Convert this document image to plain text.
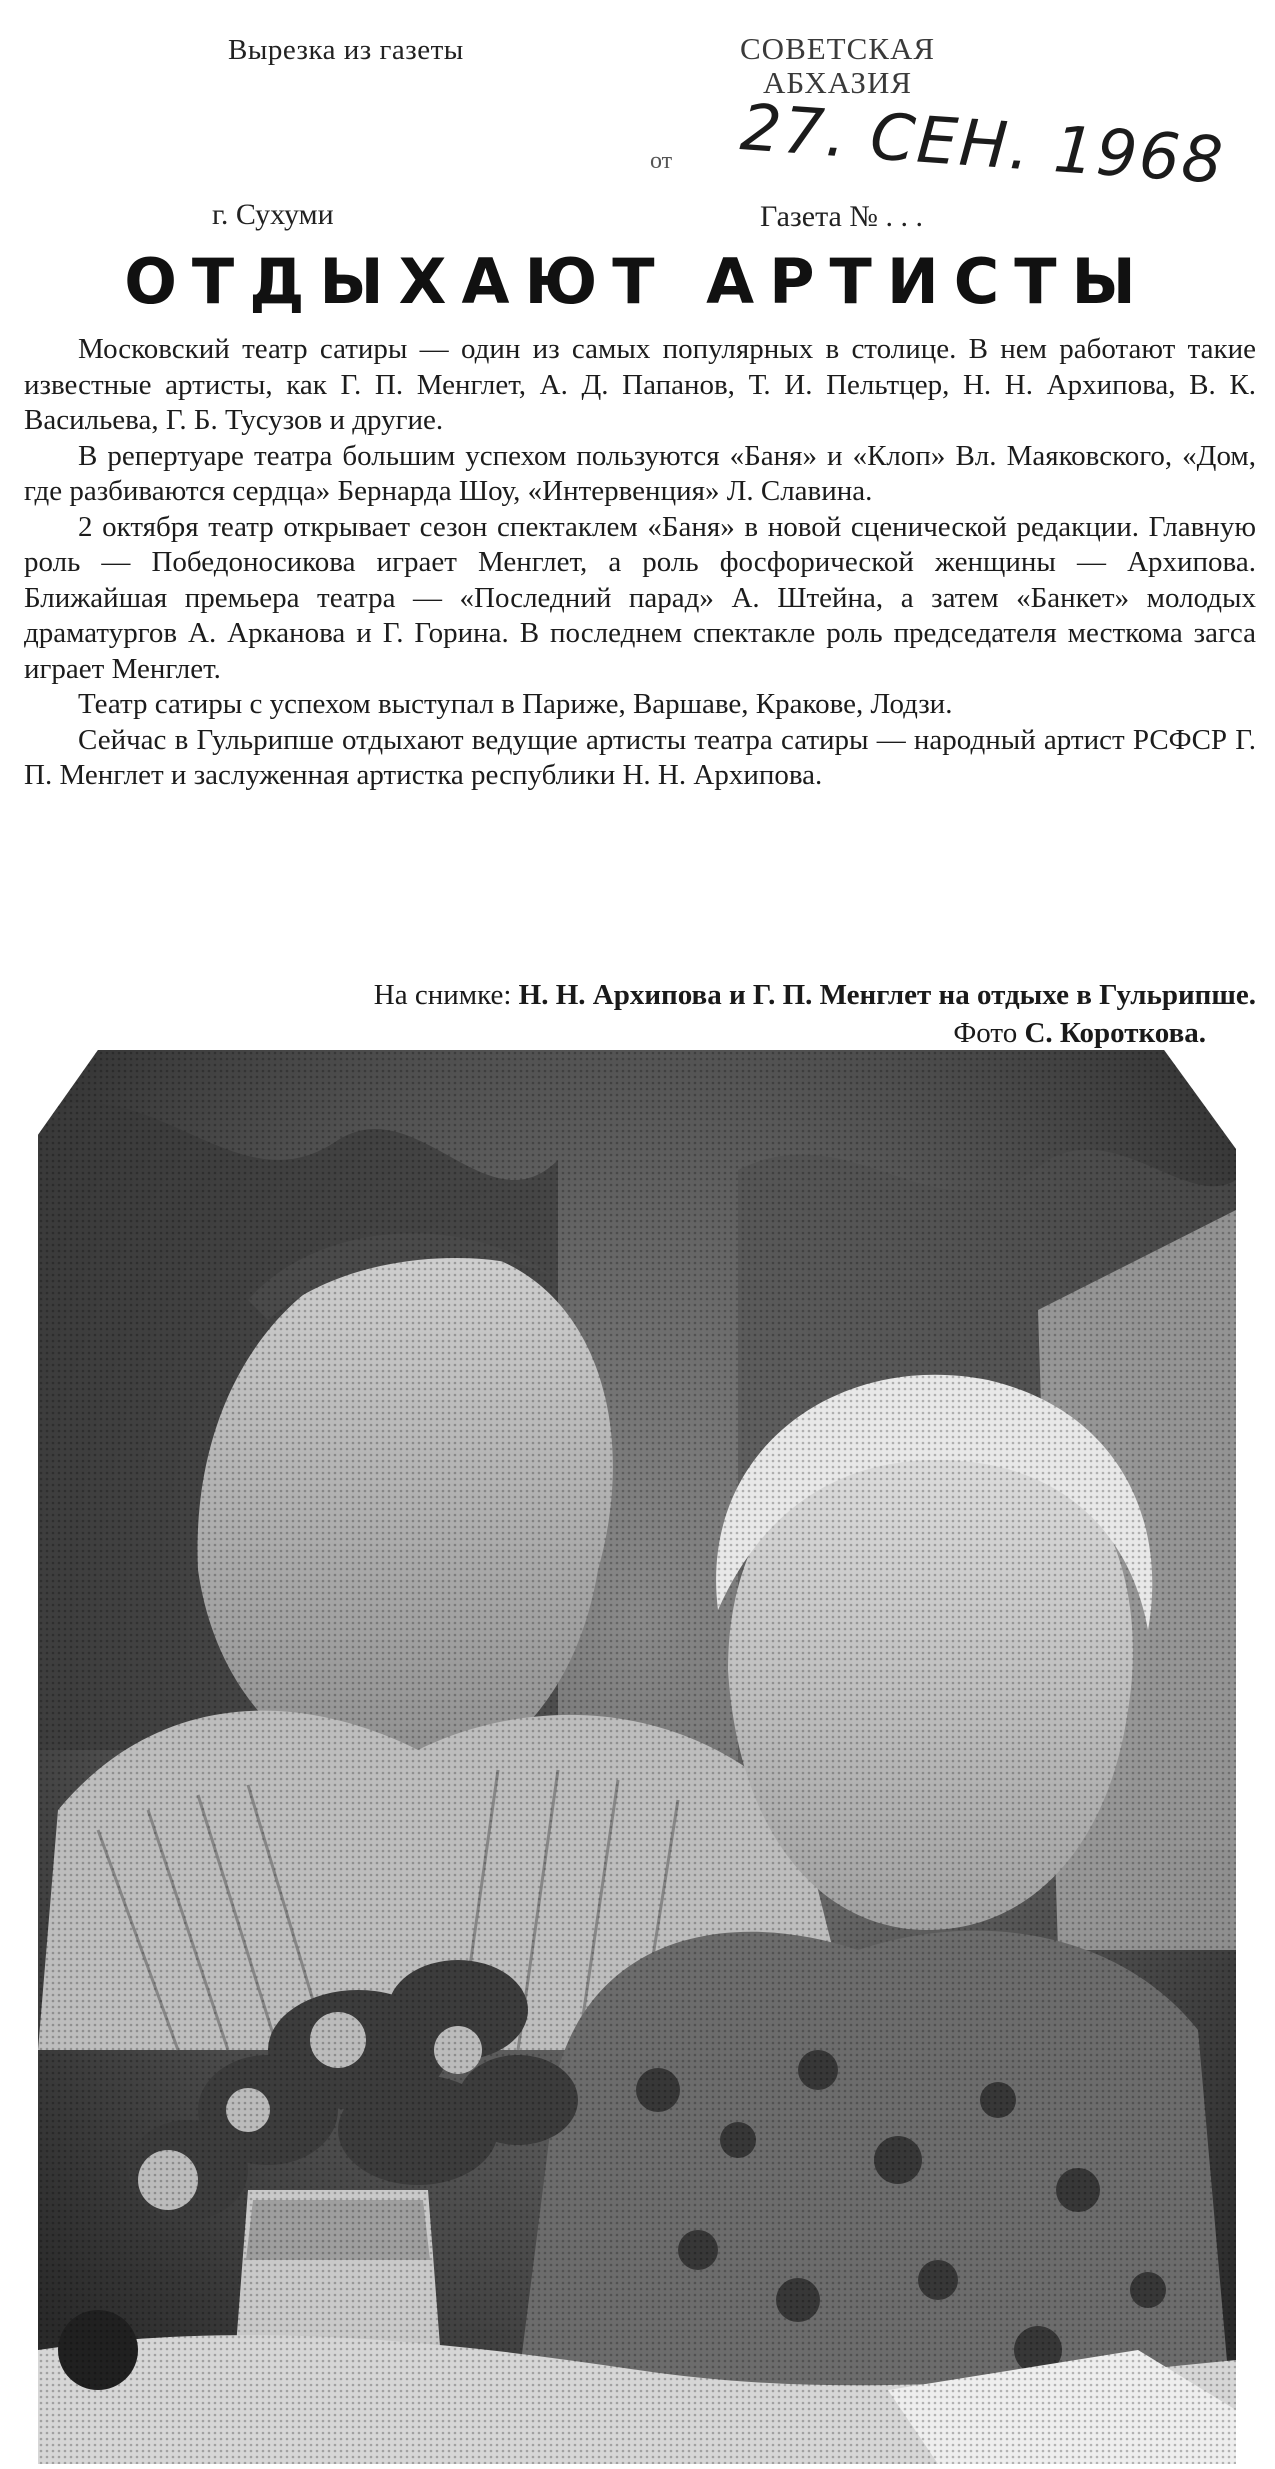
Вырезка из газеты	СОВЕТСКАЯ
АБХАЗИЯ
от 27. СЕН. 1968
г. Сухуми	Газета № . . .
ОТДЫХАЮТ АРТИСТЫ

Московский театр сатиры — один из самых популярных в столице. В нем работают такие известные артисты, как Г. П. Менглет, А. Д. Папанов, Т. И. Пельтцер, Н. Н. Архипова, В. К. Васильева, Г. Б. Тусузов и другие.

В репертуаре театра большим успехом пользуются «Баня» и «Клоп» Вл. Маяковского, «Дом, где разбиваются сердца» Бернарда Шоу, «Интервенция» Л. Славина.

2 октября театр открывает сезон спектаклем «Баня» в новой сценической редакции. Главную роль — Победоносикова играет Менглет, а роль фосфорической женщины — Архипова. Ближайшая премьера театра — «Последний парад» А. Штейна, а затем «Банкет» молодых драматургов А. Арканова и Г. Горина. В последнем спектакле роль председателя месткома загса играет Менглет.

Театр сатиры с успехом выступал в Париже, Варшаве, Кракове, Лодзи.

Сейчас в Гульрипше отдыхают ведущие артисты театра сатиры — народный артист РСФСР Г. П. Менглет и заслуженная артистка республики Н. Н. Архипова.

На снимке: Н. Н. Архипова и Г. П. Менглет на отдыхе в Гульрипше.
Фото С. Короткова.
